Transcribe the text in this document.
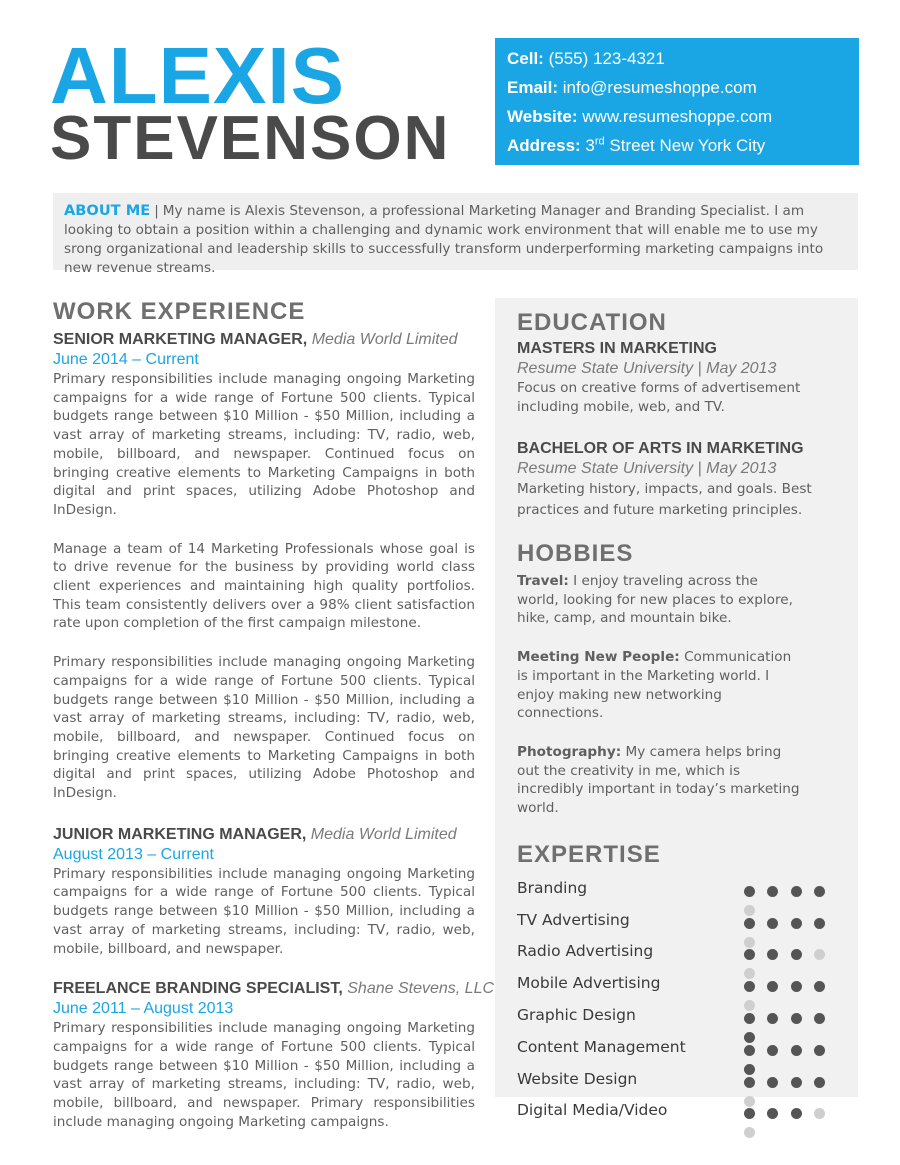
ALEXIS
STEVENSON
Cell: (555) 123-4321
Email: info@resumeshoppe.com
Website: www.resumeshoppe.com
Address: 3rd Street New York City
ABOUT ME | My name is Alexis Stevenson, a professional Marketing Manager and Branding Specialist. I am looking to obtain a position within a challenging and dynamic work environment that will enable me to use my srong organizational and leadership skills to successfully transform underperforming marketing campaigns into new revenue streams.
WORK EXPERIENCE
SENIOR MARKETING MANAGER, Media World Limited
June 2014 – Current

Primary responsibilities include managing ongoing Marketing campaigns for a wide range of Fortune 500 clients. Typical budgets range between $10 Million - $50 Million, including a vast array of marketing streams, including: TV, radio, web, mobile, billboard, and newspaper. Continued focus on bringing creative elements to Marketing Campaigns in both digital and print spaces, utilizing Adobe Photoshop and InDesign.

Manage a team of 14 Marketing Professionals whose goal is to drive revenue for the business by providing world class client experiences and maintaining high quality portfolios. This team consistently delivers over a 98% client satisfaction rate upon completion of the first campaign milestone.

Primary responsibilities include managing ongoing Marketing campaigns for a wide range of Fortune 500 clients. Typical budgets range between $10 Million - $50 Million, including a vast array of marketing streams, including: TV, radio, web, mobile, billboard, and newspaper. Continued focus on bringing creative elements to Marketing Campaigns in both digital and print spaces, utilizing Adobe Photoshop and InDesign.

JUNIOR MARKETING MANAGER, Media World Limited
August 2013 – Current

Primary responsibilities include managing ongoing Marketing campaigns for a wide range of Fortune 500 clients. Typical budgets range between $10 Million - $50 Million, including a vast array of marketing streams, including: TV, radio, web, mobile, billboard, and newspaper.

FREELANCE BRANDING SPECIALIST, Shane Stevens, LLC
June 2011 – August 2013

Primary responsibilities include managing ongoing Marketing campaigns for a wide range of Fortune 500 clients. Typical budgets range between $10 Million - $50 Million, including a vast array of marketing streams, including: TV, radio, web, mobile, billboard, and newspaper. Primary responsibilities include managing ongoing Marketing campaigns.

EDUCATION
MASTERS IN MARKETING
Resume State University | May 2013
Focus on creative forms of advertisement including mobile, web, and TV.
BACHELOR OF ARTS IN MARKETING
Resume State University | May 2013
Marketing history, impacts, and goals. Best practices and future marketing principles.
HOBBIES
Travel: I enjoy traveling across the world, looking for new places to explore, hike, camp, and mountain bike.
Meeting New People: Communication is important in the Marketing world. I enjoy making new networking connections.
Photography: My camera helps bring out the creativity in me, which is incredibly important in today’s marketing world.
EXPERTISE
Branding
TV Advertising
Radio Advertising
Mobile Advertising
Graphic Design
Content Management
Website Design
Digital Media/Video
